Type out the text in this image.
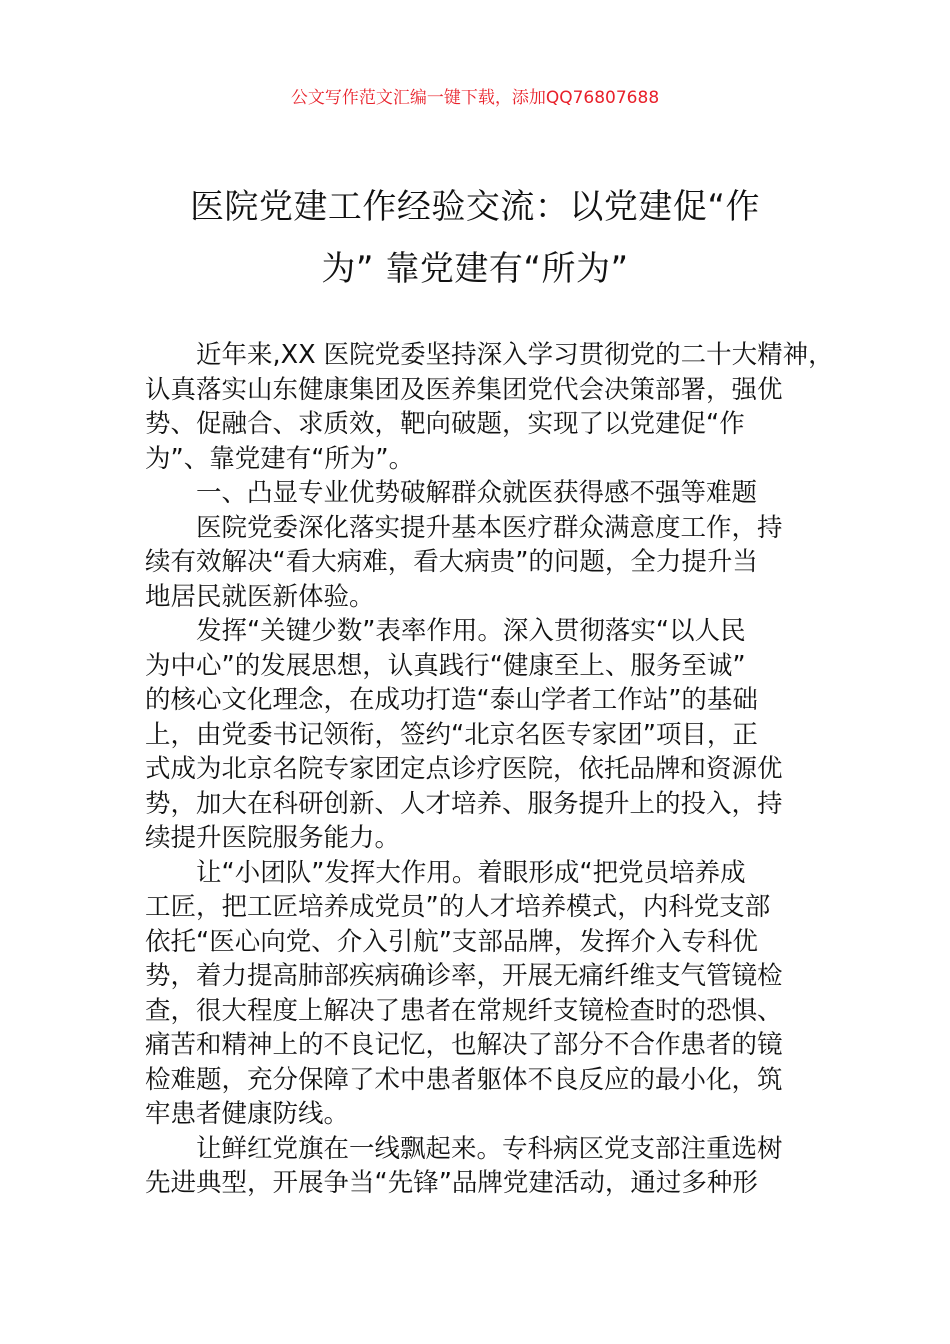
公文写作范文汇编一键下载，添加QQ76807688
医院党建工作经验交流：以党建促“作
为” 靠党建有“所为”

近年来,XX 医院党委坚持深入学习贯彻党的二十大精神，
认真落实山东健康集团及医养集团党代会决策部署，强优
势、促融合、求质效，靶向破题，实现了以党建促“作
为”、靠党建有“所为”。

一、凸显专业优势破解群众就医获得感不强等难题

医院党委深化落实提升基本医疗群众满意度工作，持
续有效解决“看大病难，看大病贵”的问题，全力提升当
地居民就医新体验。

发挥“关键少数”表率作用。深入贯彻落实“以人民
为中心”的发展思想，认真践行“健康至上、服务至诚”
的核心文化理念，在成功打造“泰山学者工作站”的基础
上，由党委书记领衔，签约“北京名医专家团”项目，正
式成为北京名院专家团定点诊疗医院，依托品牌和资源优
势，加大在科研创新、人才培养、服务提升上的投入，持
续提升医院服务能力。

让“小团队”发挥大作用。着眼形成“把党员培养成
工匠，把工匠培养成党员”的人才培养模式，内科党支部
依托“医心向党、介入引航”支部品牌，发挥介入专科优
势，着力提高肺部疾病确诊率，开展无痛纤维支气管镜检
查，很大程度上解决了患者在常规纤支镜检查时的恐惧、
痛苦和精神上的不良记忆，也解决了部分不合作患者的镜
检难题，充分保障了术中患者躯体不良反应的最小化，筑
牢患者健康防线。

让鲜红党旗在一线飘起来。专科病区党支部注重选树
先进典型，开展争当“先锋”品牌党建活动，通过多种形
